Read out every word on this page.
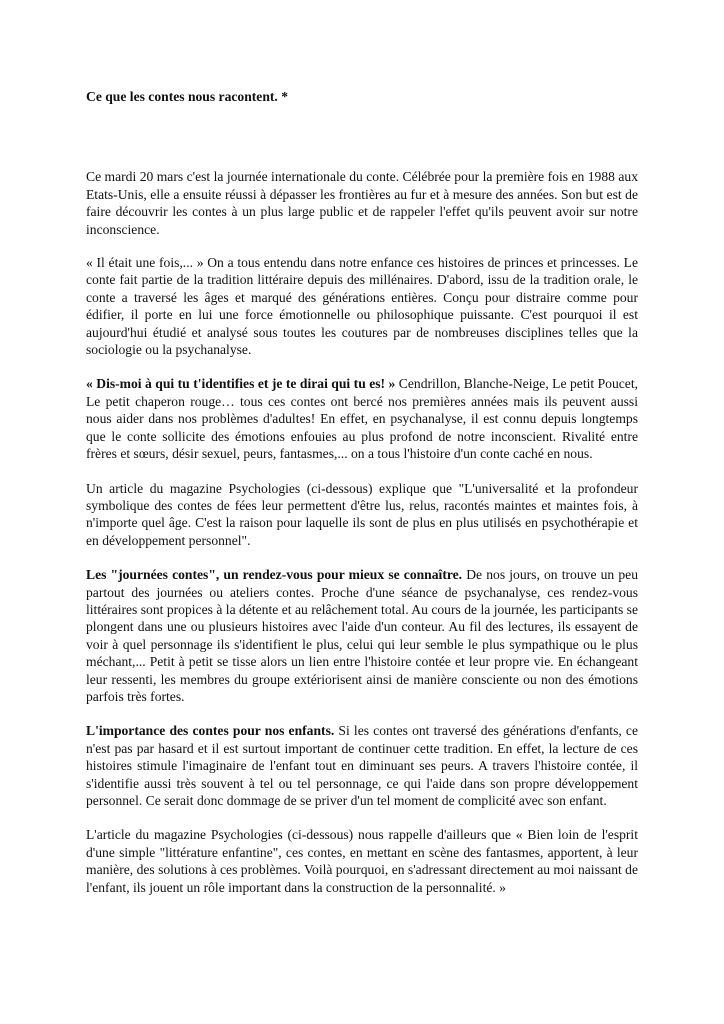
Ce que les contes nous racontent. *

Ce mardi 20 mars c'est la journée internationale du conte. Célébrée pour la première fois en 1988 aux Etats-Unis, elle a ensuite réussi à dépasser les frontières au fur et à mesure des années. Son but est de faire découvrir les contes à un plus large public et de rappeler l'effet qu'ils peuvent avoir sur notre inconscience.

« Il était une fois,... » On a tous entendu dans notre enfance ces histoires de princes et princesses. Le conte fait partie de la tradition littéraire depuis des millénaires. D'abord, issu de la tradition orale, le conte a traversé les âges et marqué des générations entières. Conçu pour distraire comme pour édifier, il porte en lui une force émotionnelle ou philosophique puissante. C'est pourquoi il est aujourd'hui étudié et analysé sous toutes les coutures par de nombreuses disciplines telles que la sociologie ou la psychanalyse.

« Dis-moi à qui tu t'identifies et je te dirai qui tu es! » Cendrillon, Blanche-Neige, Le petit Poucet, Le petit chaperon rouge… tous ces contes ont bercé nos premières années mais ils peuvent aussi nous aider dans nos problèmes d'adultes! En effet, en psychanalyse, il est connu depuis longtemps que le conte sollicite des émotions enfouies au plus profond de notre inconscient. Rivalité entre frères et sœurs, désir sexuel, peurs, fantasmes,... on a tous l'histoire d'un conte caché en nous.

Un article du magazine Psychologies (ci-dessous) explique que "L'universalité et la profondeur symbolique des contes de fées leur permettent d'être lus, relus, racontés maintes et maintes fois, à n'importe quel âge. C'est la raison pour laquelle ils sont de plus en plus utilisés en psychothérapie et en développement personnel".

Les "journées contes", un rendez-vous pour mieux se connaître. De nos jours, on trouve un peu partout des journées ou ateliers contes. Proche d'une séance de psychanalyse, ces rendez-vous littéraires sont propices à la détente et au relâchement total. Au cours de la journée, les participants se plongent dans une ou plusieurs histoires avec l'aide d'un conteur. Au fil des lectures, ils essayent de voir à quel personnage ils s'identifient le plus, celui qui leur semble le plus sympathique ou le plus méchant,... Petit à petit se tisse alors un lien entre l'histoire contée et leur propre vie. En échangeant leur ressenti, les membres du groupe extériorisent ainsi de manière consciente ou non des émotions parfois très fortes.

L'importance des contes pour nos enfants. Si les contes ont traversé des générations d'enfants, ce n'est pas par hasard et il est surtout important de continuer cette tradition. En effet, la lecture de ces histoires stimule l'imaginaire de l'enfant tout en diminuant ses peurs. A travers l'histoire contée, il s'identifie aussi très souvent à tel ou tel personnage, ce qui l'aide dans son propre développement personnel. Ce serait donc dommage de se priver d'un tel moment de complicité avec son enfant.

L'article du magazine Psychologies (ci-dessous) nous rappelle d'ailleurs que « Bien loin de l'esprit d'une simple "littérature enfantine", ces contes, en mettant en scène des fantasmes, apportent, à leur manière, des solutions à ces problèmes. Voilà pourquoi, en s'adressant directement au moi naissant de l'enfant, ils jouent un rôle important dans la construction de la personnalité. »
